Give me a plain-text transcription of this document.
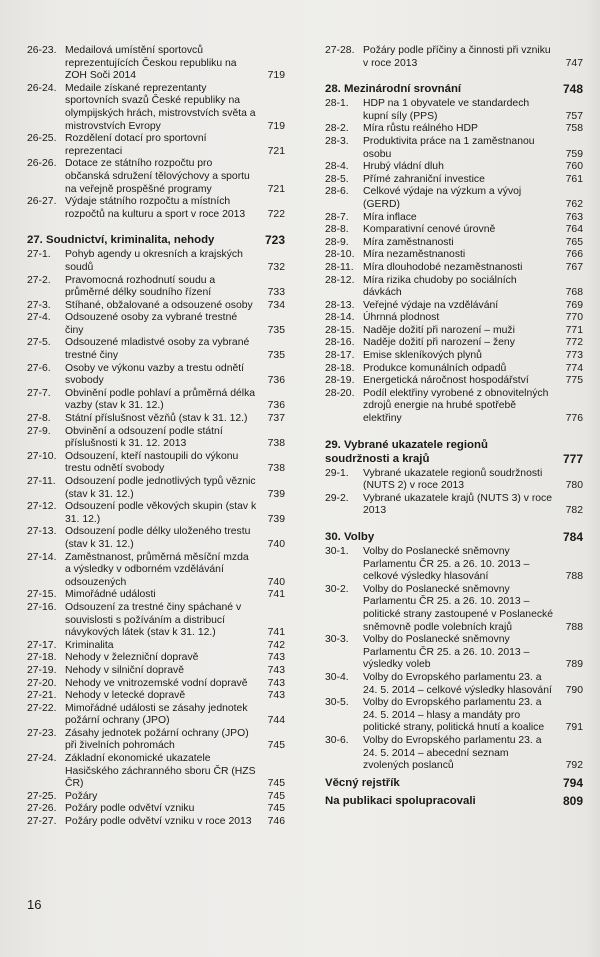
26-23. Medailová umístění sportovců reprezentujících Českou republiku na ZOH Soči 2014	719
26-24. Medaile získané reprezentanty sportovních svazů České republiky na olympijských hrách, mistrovstvích světa a mistrovstvích Evropy	719
26-25. Rozdělení dotací pro sportovní reprezentaci	721
26-26. Dotace ze státního rozpočtu pro občanská sdružení tělovýchovy a sportu na veřejně prospěšné programy	721
26-27. Výdaje státního rozpočtu a místních rozpočtů na kulturu a sport v roce 2013 722
27. Soudnictví, kriminalita, nehody	723
27-1.	Pohyb agendy u okresních a krajských soudů	732
27-2.	Pravomocná rozhodnutí soudu a průměrné délky soudního řízení	733
27-3.	Stíhané, obžalované a odsouzené osoby 734
27-4.	Odsouzené osoby za vybrané trestné činy	735
27-5.	Odsouzené mladistvé osoby za vybrané trestné činy	735
27-6.	Osoby ve výkonu vazby a trestu odnětí svobody	736
27-7.	Obvinění podle pohlaví a průměrná délka vazby (stav k 31. 12.)	736
27-8.	Státní příslušnost vězňů (stav k 31. 12.) 737
27-9.	Obvinění a odsouzení podle státní příslušnosti k 31. 12. 2013	738
27-10. Odsouzení, kteří nastoupili do výkonu trestu odnětí svobody	738
27-11. Odsouzení podle jednotlivých typů věznic (stav k 31. 12.)	739
27-12. Odsouzení podle věkových skupin (stav k 31. 12.)	739
27-13. Odsouzení podle délky uloženého trestu (stav k 31. 12.)	740
27-14. Zaměstnanost, průměrná měsíční mzda a výsledky v odborném vzdělávání odsouzených	740
27-15. Mimořádné události	741
27-16. Odsouzení za trestné činy spáchané v souvislosti s požíváním a distribucí návykových látek (stav k 31. 12.)	741
27-17. Kriminalita	742
27-18. Nehody v železniční dopravě	743
27-19. Nehody v silniční dopravě	743
27-20. Nehody ve vnitrozemské vodní dopravě 743
27-21. Nehody v letecké dopravě	743
27-22. Mimořádné události se zásahy jednotek požární ochrany (JPO)	744
27-23. Zásahy jednotek požární ochrany (JPO) při živelních pohromách	745
27-24. Základní ekonomické ukazatele Hasičského záchranného sboru ČR (HZS ČR)	745
27-25. Požáry	745
27-26. Požáry podle odvětví vzniku	745
27-27. Požáry podle odvětví vzniku v roce 2013 746
27-28. Požáry podle příčiny a činnosti při vzniku v roce 2013	747
28. Mezinárodní srovnání	748
28-1.	HDP na 1 obyvatele ve standardech kupní síly (PPS)	757
28-2.	Míra růstu reálného HDP	758
28-3.	Produktivita práce na 1 zaměstnanou osobu	759
28-4.	Hrubý vládní dluh	760
28-5.	Přímé zahraniční investice	761
28-6.	Celkové výdaje na výzkum a vývoj (GERD)	762
28-7.	Míra inflace	763
28-8.	Komparativní cenové úrovně	764
28-9.	Míra zaměstnanosti	765
28-10. Míra nezaměstnanosti	766
28-11. Míra dlouhodobé nezaměstnanosti	767
28-12. Míra rizika chudoby po sociálních dávkách	768
28-13. Veřejné výdaje na vzdělávání	769
28-14. Úhrnná plodnost	770
28-15. Naděje dožití při narození – muži	771
28-16. Naděje dožití při narození – ženy	772
28-17. Emise skleníkových plynů	773
28-18. Produkce komunálních odpadů	774
28-19. Energetická náročnost hospodářství	775
28-20. Podíl elektřiny vyrobené z obnovitelných zdrojů energie na hrubé spotřebě elektřiny	776
29. Vybrané ukazatele regionů soudržnosti a krajů	777
29-1.	Vybrané ukazatele regionů soudržnosti (NUTS 2) v roce 2013	780
29-2.	Vybrané ukazatele krajů (NUTS 3) v roce 2013	782
30. Volby	784
30-1.	Volby do Poslanecké sněmovny Parlamentu ČR 25. a 26. 10. 2013 – celkové výsledky hlasování	788
30-2.	Volby do Poslanecké sněmovny Parlamentu ČR 25. a 26. 10. 2013 – politické strany zastoupené v Poslanecké sněmovně podle volebních krajů	788
30-3.	Volby do Poslanecké sněmovny Parlamentu ČR 25. a 26. 10. 2013 – výsledky voleb	789
30-4.	Volby do Evropského parlamentu 23. a 24. 5. 2014 – celkové výsledky hlasování 790
30-5.	Volby do Evropského parlamentu 23. a 24. 5. 2014 – hlasy a mandáty pro politické strany, politická hnutí a koalice 791
30-6.	Volby do Evropského parlamentu 23. a 24. 5. 2014 – abecední seznam zvolených poslanců	792
Věcný rejstřík	794
Na publikaci spolupracovali	809
16
